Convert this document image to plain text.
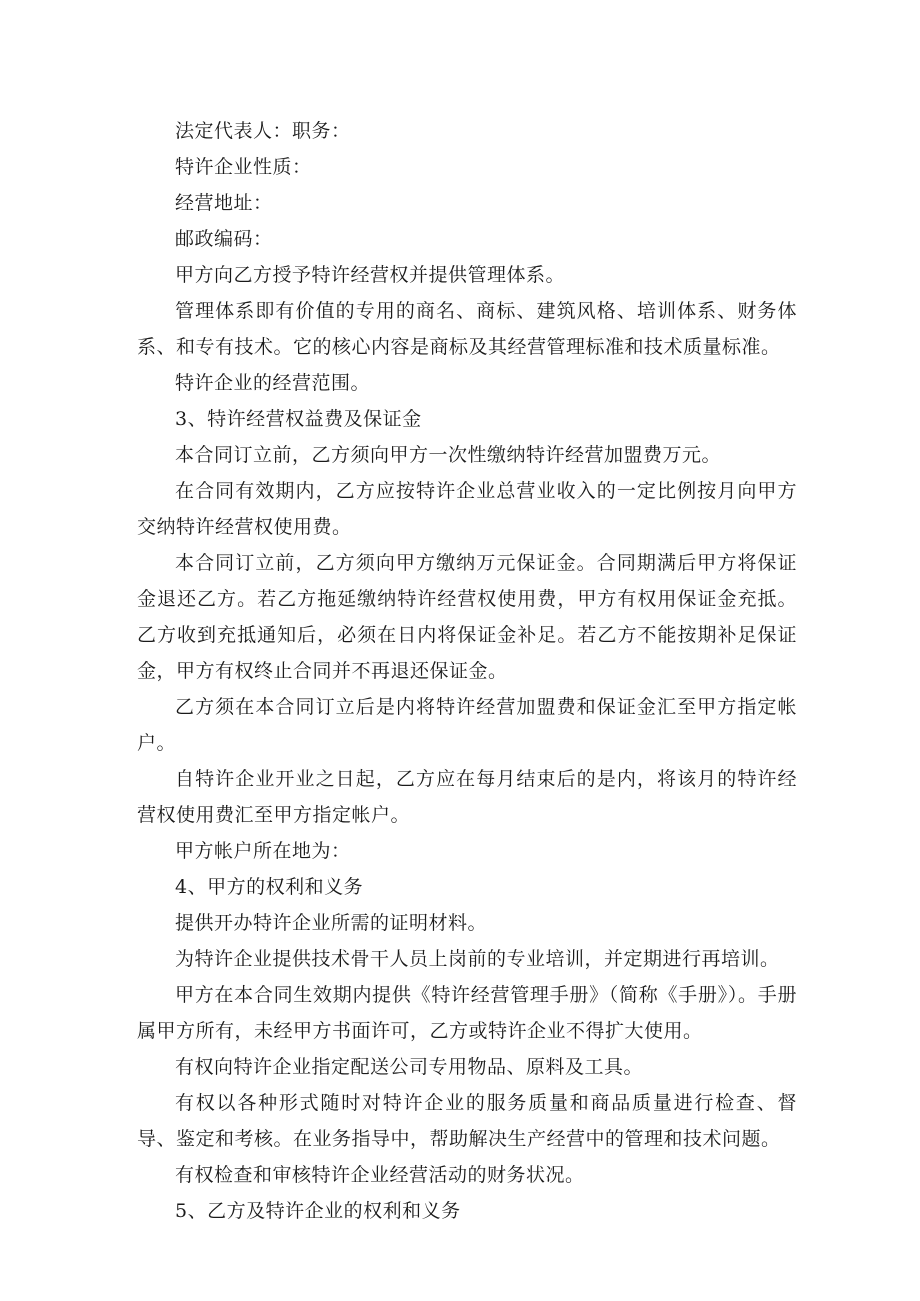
法定代表人：职务：

特许企业性质：

经营地址：

邮政编码：

甲方向乙方授予特许经营权并提供管理体系。

管理体系即有价值的专用的商名、商标、建筑风格、培训体系、财务体系、和专有技术。它的核心内容是商标及其经营管理标准和技术质量标准。

特许企业的经营范围。

3、特许经营权益费及保证金

本合同订立前，乙方须向甲方一次性缴纳特许经营加盟费万元。

在合同有效期内，乙方应按特许企业总营业收入的一定比例按月向甲方交纳特许经营权使用费。

本合同订立前，乙方须向甲方缴纳万元保证金。合同期满后甲方将保证金退还乙方。若乙方拖延缴纳特许经营权使用费，甲方有权用保证金充抵。乙方收到充抵通知后，必须在日内将保证金补足。若乙方不能按期补足保证金，甲方有权终止合同并不再退还保证金。

乙方须在本合同订立后是内将特许经营加盟费和保证金汇至甲方指定帐户。

自特许企业开业之日起，乙方应在每月结束后的是内，将该月的特许经营权使用费汇至甲方指定帐户。

甲方帐户所在地为：

4、甲方的权利和义务

提供开办特许企业所需的证明材料。

为特许企业提供技术骨干人员上岗前的专业培训，并定期进行再培训。

甲方在本合同生效期内提供《特许经营管理手册》（简称《手册》）。手册属甲方所有，未经甲方书面许可，乙方或特许企业不得扩大使用。

有权向特许企业指定配送公司专用物品、原料及工具。

有权以各种形式随时对特许企业的服务质量和商品质量进行检查、督导、鉴定和考核。在业务指导中，帮助解决生产经营中的管理和技术问题。

有权检查和审核特许企业经营活动的财务状况。

5、乙方及特许企业的权利和义务
